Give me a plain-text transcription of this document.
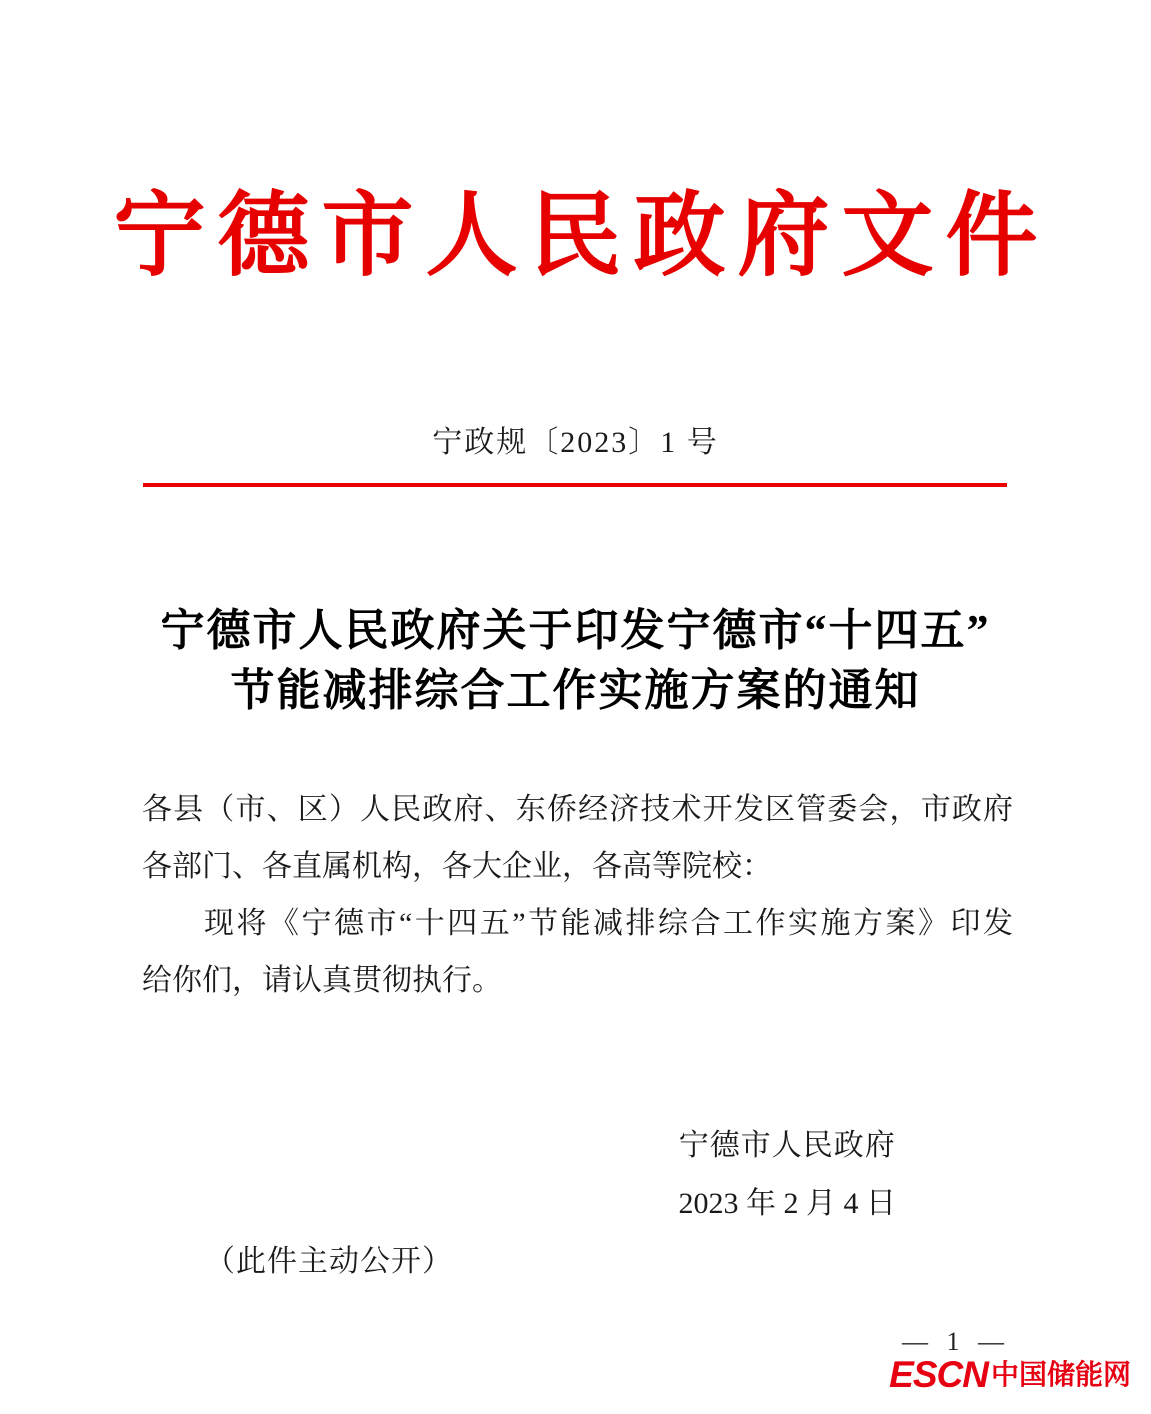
宁德市人民政府文件
宁政规〔2023〕1 号
宁德市人民政府关于印发宁德市“十四五”
节能减排综合工作实施方案的通知
各县（市、区）人民政府、东侨经济技术开发区管委会，市政府
各部门、各直属机构，各大企业，各高等院校：
现将《宁德市“十四五”节能减排综合工作实施方案》印发
给你们，请认真贯彻执行。
宁德市人民政府
2023 年 2 月 4 日
（此件主动公开）
— 1 —
ESCN 中国储能网
